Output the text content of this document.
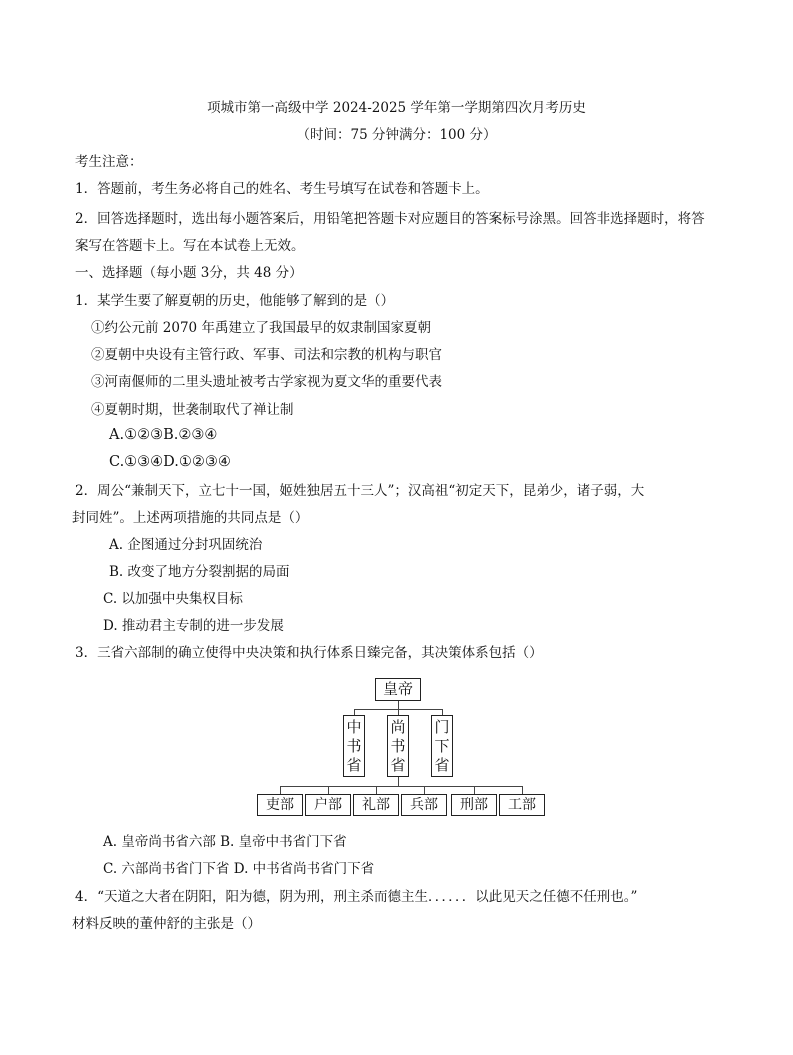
项城市第一高级中学 2024-2025 学年第一学期第四次月考历史
（时间：75 分钟满分：100 分）
考生注意：
1．答题前，考生务必将自己的姓名、考生号填写在试卷和答题卡上。
2．回答选择题时，选出每小题答案后，用铅笔把答题卡对应题目的答案标号涂黑。回答非选择题时，将答
案写在答题卡上。写在本试卷上无效。
一、选择题（每小题 3分，共 48 分）
1．某学生要了解夏朝的历史，他能够了解到的是（）
①约公元前 2070 年禹建立了我国最早的奴隶制国家夏朝
②夏朝中央设有主管行政、军事、司法和宗教的机构与职官
③河南偃师的二里头遗址被考古学家视为夏文华的重要代表
④夏朝时期，世袭制取代了禅让制
A.①②③B.②③④
C.①③④D.①②③④
2．周公“兼制天下，立七十一国，姬姓独居五十三人”；汉高祖“初定天下，昆弟少，诸子弱，大
封同姓”。上述两项措施的共同点是（）
A. 企图通过分封巩固统治
B. 改变了地方分裂割据的局面
C. 以加强中央集权目标
D. 推动君主专制的进一步发展
3．三省六部制的确立使得中央决策和执行体系日臻完备，其决策体系包括（）
皇帝
中书省
尚书省
门下省
吏部	户部	礼部	兵部	刑部	工部
A. 皇帝尚书省六部 B. 皇帝中书省门下省
C. 六部尚书省门下省 D. 中书省尚书省门下省
4．“天道之大者在阴阳，阳为德，阴为刑，刑主杀而德主生．．．．．．以此见天之任德不任刑也。”
材料反映的董仲舒的主张是（）
